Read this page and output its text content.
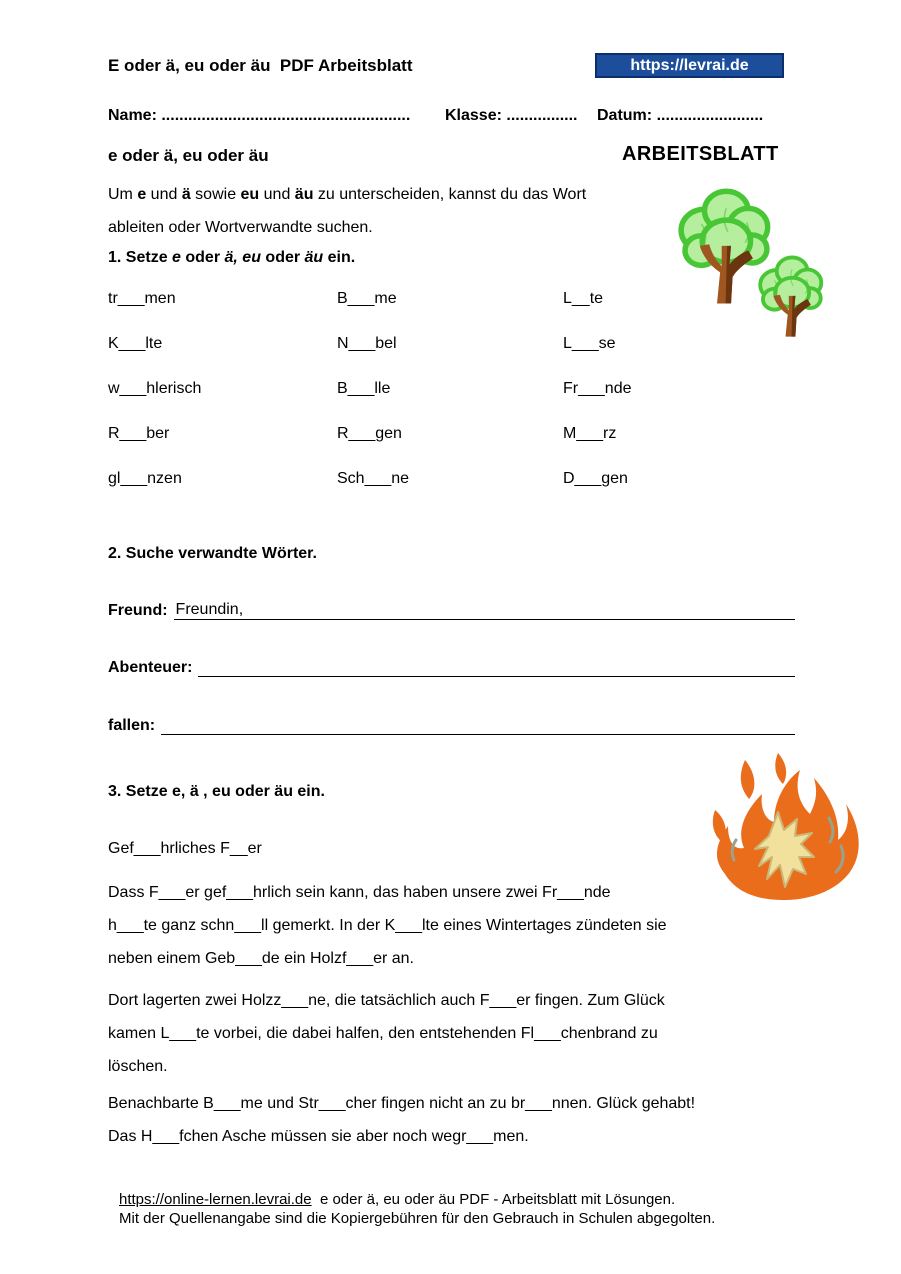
E oder ä, eu oder äu  PDF Arbeitsblatt	https://levrai.de
Name: ........................................................ Klasse: ................ Datum: ........................
e oder ä, eu oder äu	ARBEITSBLATT
Um e und ä sowie eu und äu zu unterscheiden, kannst du das Wort
ableiten oder Wortverwandte suchen.
1. Setze e oder ä, eu oder äu ein.
tr___men	B___me	L__te
K___lte	N___bel	L___se
w___hlerisch	B___lle	Fr___nde
R___ber	R___gen	M___rz
gl___nzen	Sch___ne	D___gen
2. Suche verwandte Wörter.
Freund: Freundin,
Abenteuer:
fallen:
3. Setze e, ä , eu oder äu ein.
Gef___hrliches F__er
Dass F___er gef___hrlich sein kann, das haben unsere zwei Fr___nde
h___te ganz schn___ll gemerkt. In der K___lte eines Wintertages zündeten sie
neben einem Geb___de ein Holzf___er an.
Dort lagerten zwei Holzz___ne, die tatsächlich auch F___er fingen. Zum Glück
kamen L___te vorbei, die dabei halfen, den entstehenden Fl___chenbrand zu
löschen.
Benachbarte B___me und Str___cher fingen nicht an zu br___nnen. Glück gehabt!
Das H___fchen Asche müssen sie aber noch wegr___men.
https://online-lernen.levrai.de  e oder ä, eu oder äu PDF - Arbeitsblatt mit Lösungen.
Mit der Quellenangabe sind die Kopiergebühren für den Gebrauch in Schulen abgegolten.
